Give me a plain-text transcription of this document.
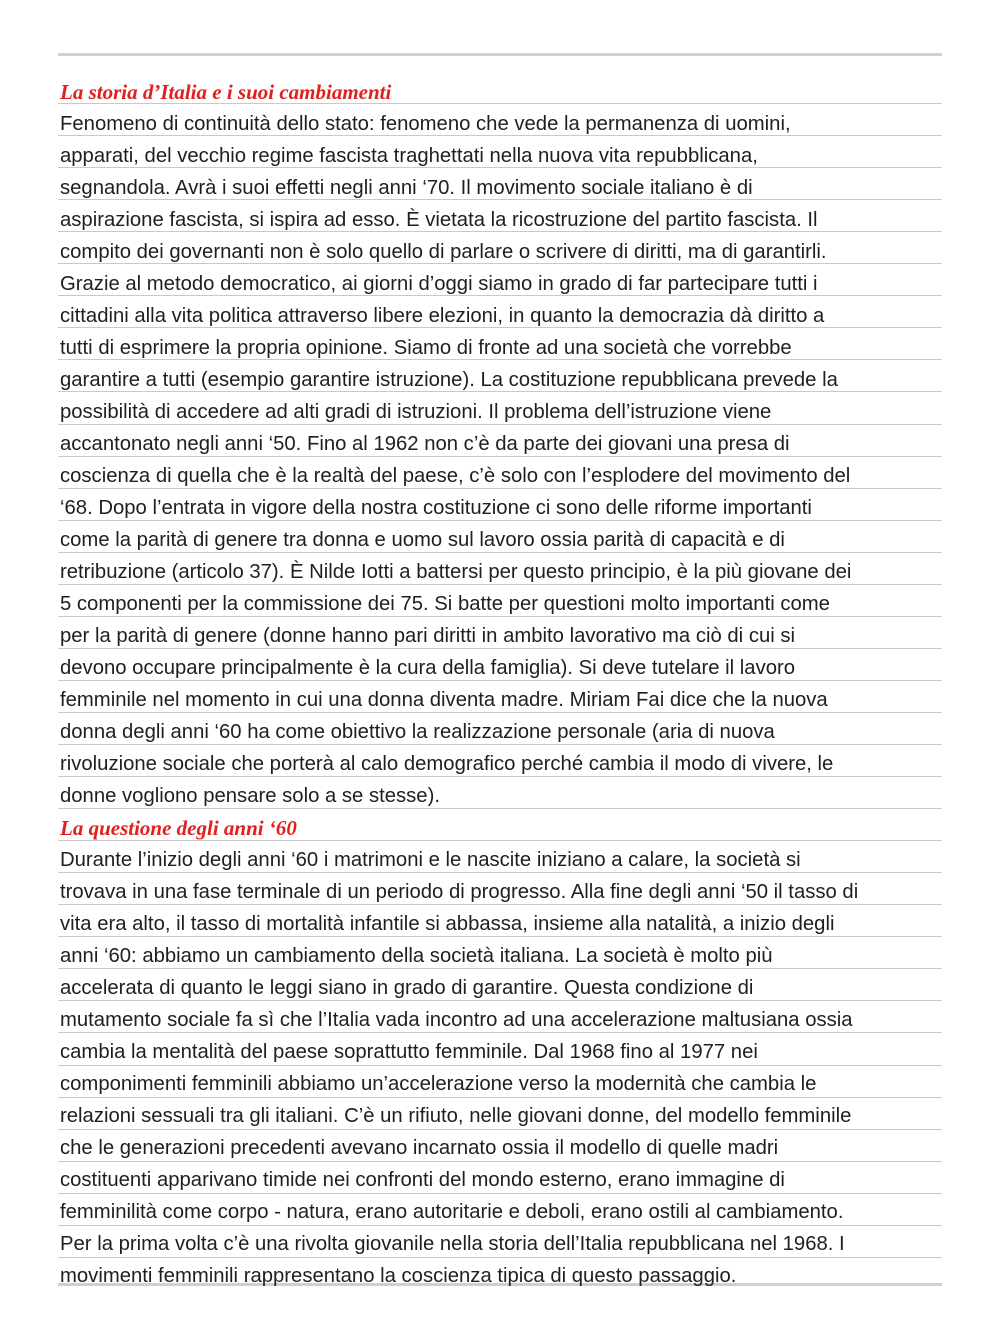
La storia d’Italia e i suoi cambiamenti
Fenomeno di continuità dello stato: fenomeno che vede la permanenza di uomini,
apparati, del vecchio regime fascista traghettati nella nuova vita repubblicana,
segnandola. Avrà i suoi effetti negli anni ‘70. Il movimento sociale italiano è di
aspirazione fascista, si ispira ad esso. È vietata la ricostruzione del partito fascista. Il
compito dei governanti non è solo quello di parlare o scrivere di diritti, ma di garantirli.
Grazie al metodo democratico, ai giorni d’oggi siamo in grado di far partecipare tutti i
cittadini alla vita politica attraverso libere elezioni, in quanto la democrazia dà diritto a
tutti di esprimere la propria opinione. Siamo di fronte ad una società che vorrebbe
garantire a tutti (esempio garantire istruzione). La costituzione repubblicana prevede la
possibilità di accedere ad alti gradi di istruzioni. Il problema dell’istruzione viene
accantonato negli anni ‘50. Fino al 1962 non c’è da parte dei giovani una presa di
coscienza di quella che è la realtà del paese, c’è solo con l’esplodere del movimento del
‘68. Dopo l’entrata in vigore della nostra costituzione ci sono delle riforme importanti
come la parità di genere tra donna e uomo sul lavoro ossia parità di capacità e di
retribuzione (articolo 37). È Nilde Iotti a battersi per questo principio, è la più giovane dei
5 componenti per la commissione dei 75. Si batte per questioni molto importanti come
per la parità di genere (donne hanno pari diritti in ambito lavorativo ma ciò di cui si
devono occupare principalmente è la cura della famiglia). Si deve tutelare il lavoro
femminile nel momento in cui una donna diventa madre. Miriam Fai dice che la nuova
donna degli anni ‘60 ha come obiettivo la realizzazione personale (aria di nuova
rivoluzione sociale che porterà al calo demografico perché cambia il modo di vivere, le
donne vogliono pensare solo a se stesse).
La questione degli anni ‘60
Durante l’inizio degli anni ‘60 i matrimoni e le nascite iniziano a calare, la società si
trovava in una fase terminale di un periodo di progresso. Alla fine degli anni ‘50 il tasso di
vita era alto, il tasso di mortalità infantile si abbassa, insieme alla natalità, a inizio degli
anni ‘60: abbiamo un cambiamento della società italiana. La società è molto più
accelerata di quanto le leggi siano in grado di garantire. Questa condizione di
mutamento sociale fa sì che l’Italia vada incontro ad una accelerazione maltusiana ossia
cambia la mentalità del paese soprattutto femminile. Dal 1968 fino al 1977 nei
componimenti femminili abbiamo un’accelerazione verso la modernità che cambia le
relazioni sessuali tra gli italiani. C’è un rifiuto, nelle giovani donne, del modello femminile
che le generazioni precedenti avevano incarnato ossia il modello di quelle madri
costituenti apparivano timide nei confronti del mondo esterno, erano immagine di
femminilità come corpo - natura, erano autoritarie e deboli, erano ostili al cambiamento.
Per la prima volta c’è una rivolta giovanile nella storia dell’Italia repubblicana nel 1968. I
movimenti femminili rappresentano la coscienza tipica di questo passaggio.
